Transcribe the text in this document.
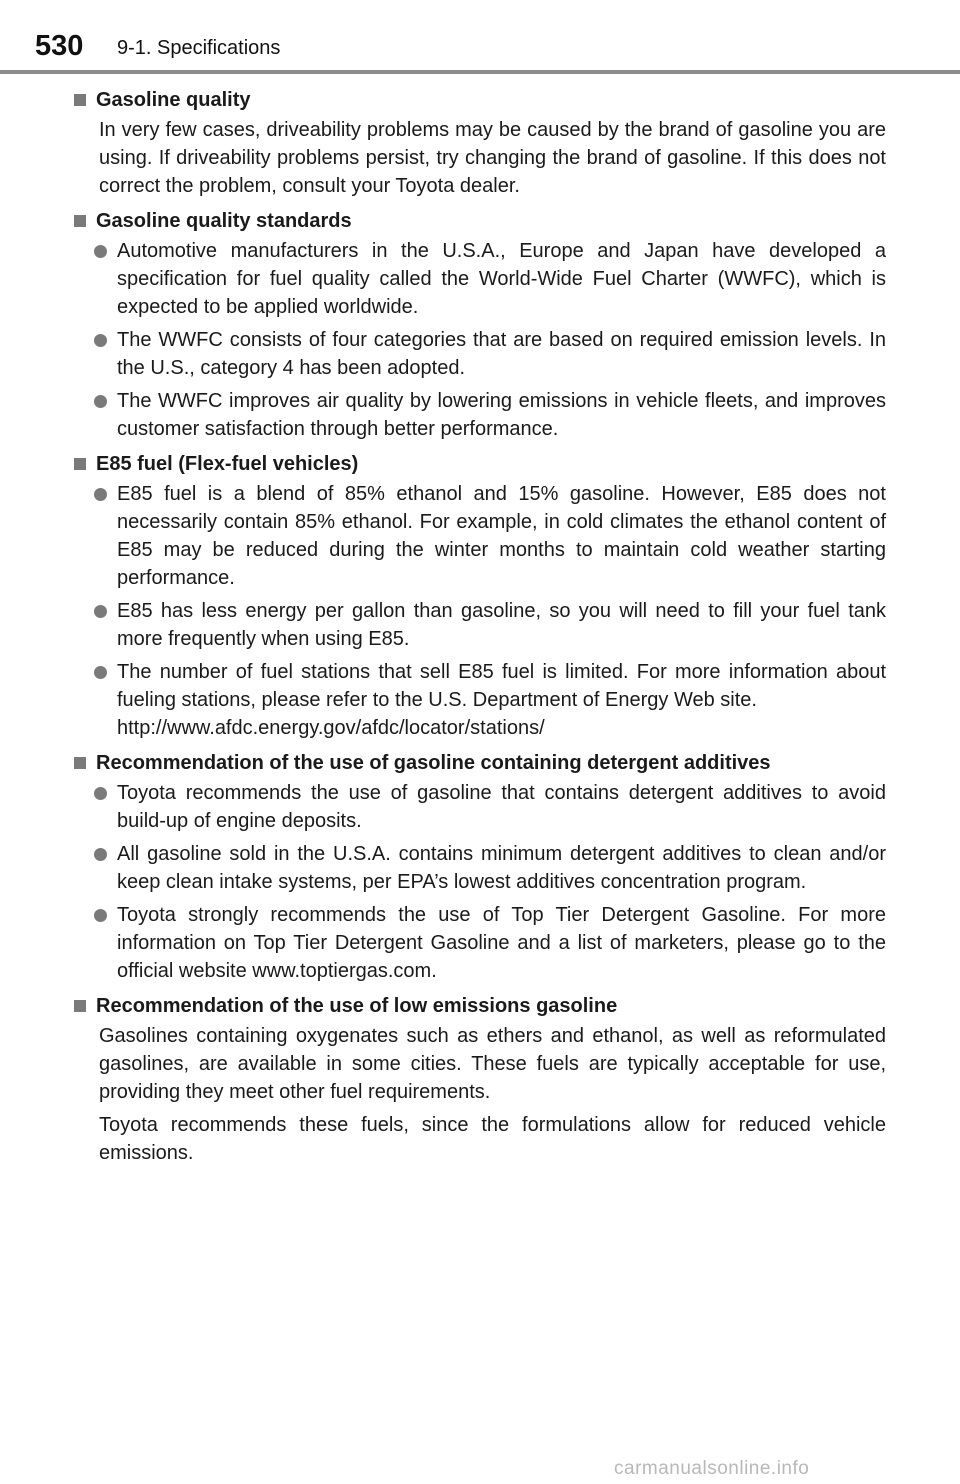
530 9-1. Specifications
Gasoline quality
In very few cases, driveability problems may be caused by the brand of gasoline you are using. If driveability problems persist, try changing the brand of gasoline. If this does not correct the problem, consult your Toyota dealer.
Gasoline quality standards
Automotive manufacturers in the U.S.A., Europe and Japan have developed a specification for fuel quality called the World-Wide Fuel Charter (WWFC), which is expected to be applied worldwide.
The WWFC consists of four categories that are based on required emission levels. In the U.S., category 4 has been adopted.
The WWFC improves air quality by lowering emissions in vehicle fleets, and improves customer satisfaction through better performance.
E85 fuel (Flex-fuel vehicles)
E85 fuel is a blend of 85% ethanol and 15% gasoline. However, E85 does not necessarily contain 85% ethanol. For example, in cold climates the ethanol content of E85 may be reduced during the winter months to maintain cold weather starting performance.
E85 has less energy per gallon than gasoline, so you will need to fill your fuel tank more frequently when using E85.
The number of fuel stations that sell E85 fuel is limited. For more information about fueling stations, please refer to the U.S. Department of Energy Web site.
http://www.afdc.energy.gov/afdc/locator/stations/
Recommendation of the use of gasoline containing detergent additives
Toyota recommends the use of gasoline that contains detergent additives to avoid build-up of engine deposits.
All gasoline sold in the U.S.A. contains minimum detergent additives to clean and/or keep clean intake systems, per EPA’s lowest additives concentration program.
Toyota strongly recommends the use of Top Tier Detergent Gasoline. For more information on Top Tier Detergent Gasoline and a list of marketers, please go to the official website www.toptiergas.com.
Recommendation of the use of low emissions gasoline
Gasolines containing oxygenates such as ethers and ethanol, as well as reformulated gasolines, are available in some cities. These fuels are typically acceptable for use, providing they meet other fuel requirements.
Toyota recommends these fuels, since the formulations allow for reduced vehicle emissions.
carmanualsonline.info
